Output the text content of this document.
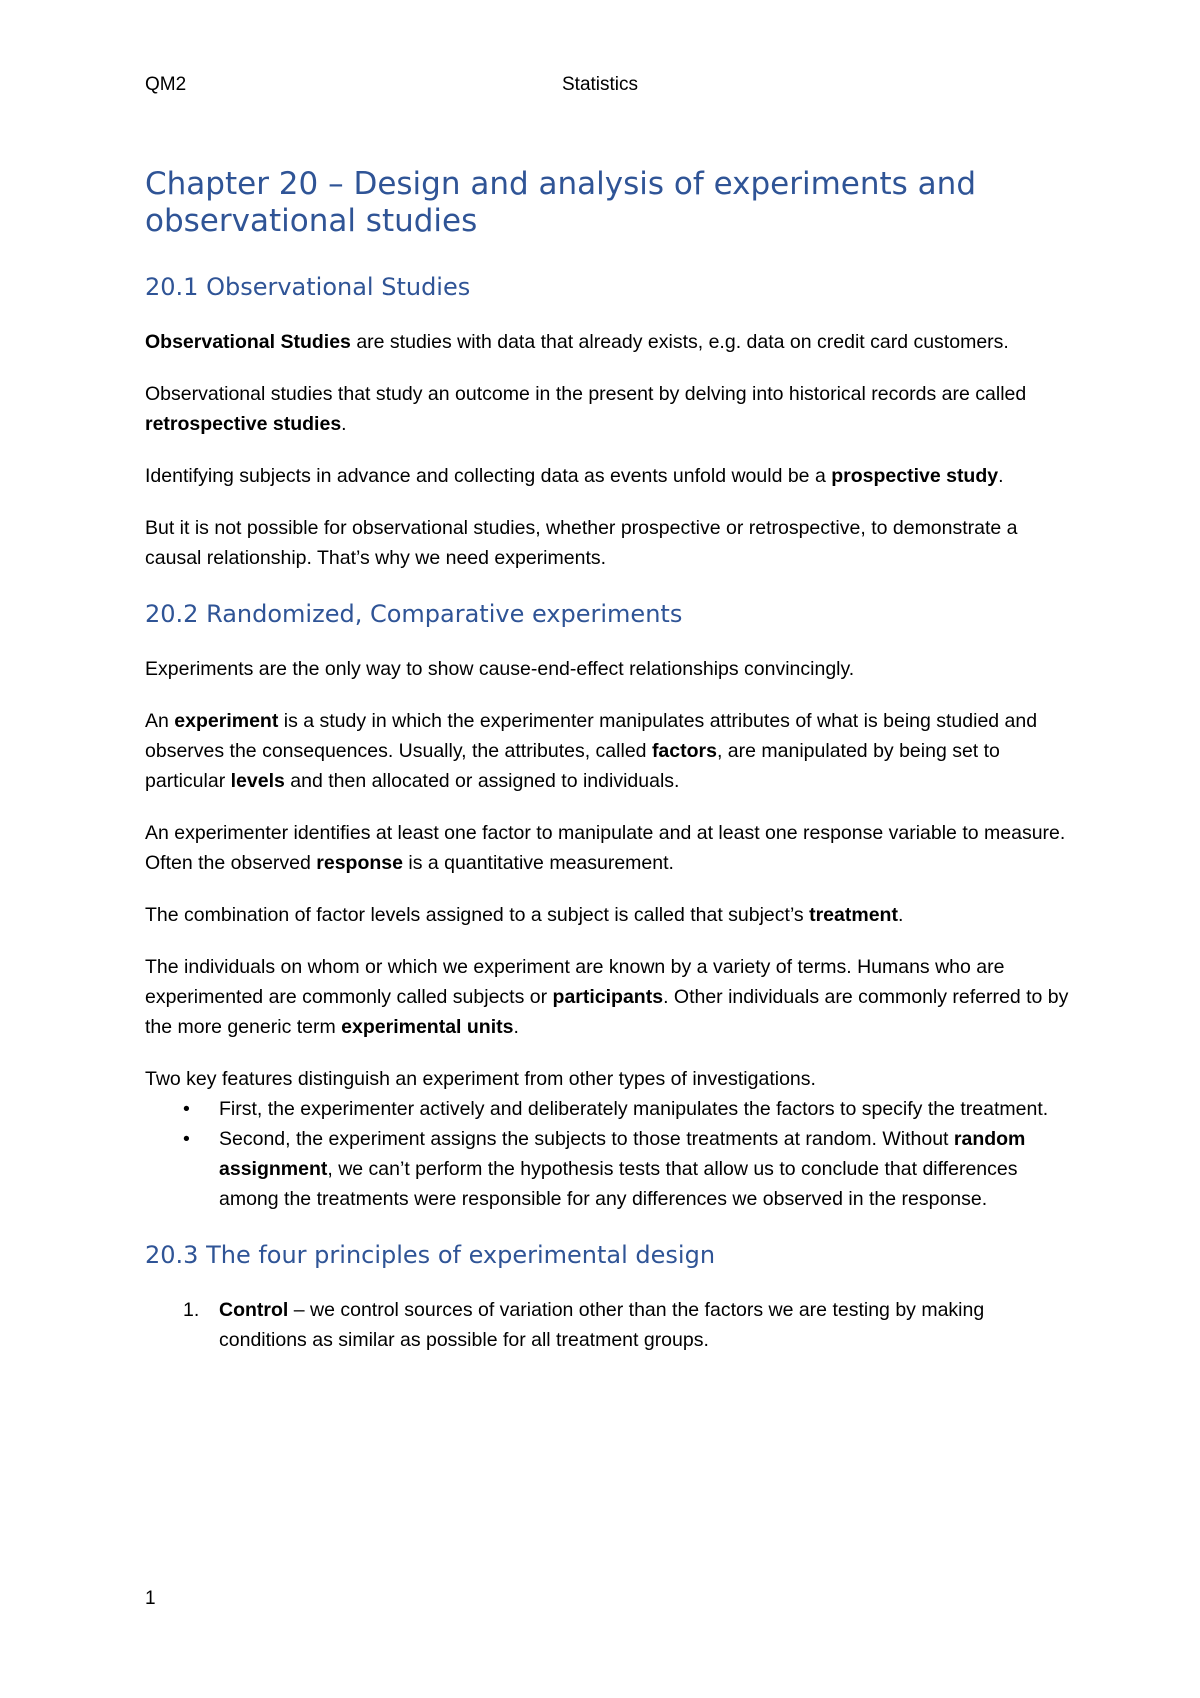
QM2	Statistics
Chapter 20 – Design and analysis of experiments and observational studies
20.1 Observational Studies

Observational Studies are studies with data that already exists, e.g. data on credit card customers.

Observational studies that study an outcome in the present by delving into historical records are called retrospective studies.

Identifying subjects in advance and collecting data as events unfold would be a prospective study.

But it is not possible for observational studies, whether prospective or retrospective, to demonstrate a causal relationship. That’s why we need experiments.

20.2 Randomized, Comparative experiments

Experiments are the only way to show cause-end-effect relationships convincingly.

An experiment is a study in which the experimenter manipulates attributes of what is being studied and observes the consequences. Usually, the attributes, called factors, are manipulated by being set to particular levels and then allocated or assigned to individuals.

An experimenter identifies at least one factor to manipulate and at least one response variable to measure. Often the observed response is a quantitative measurement.

The combination of factor levels assigned to a subject is called that subject’s treatment.

The individuals on whom or which we experiment are known by a variety of terms. Humans who are experimented are commonly called subjects or participants. Other individuals are commonly referred to by the more generic term experimental units.

Two key features distinguish an experiment from other types of investigations.

• First, the experimenter actively and deliberately manipulates the factors to specify the treatment.
• Second, the experiment assigns the subjects to those treatments at random. Without random assignment, we can’t perform the hypothesis tests that allow us to conclude that differences among the treatments were responsible for any differences we observed in the response.
20.3 The four principles of experimental design
1. Control – we control sources of variation other than the factors we are testing by making conditions as similar as possible for all treatment groups.
1
